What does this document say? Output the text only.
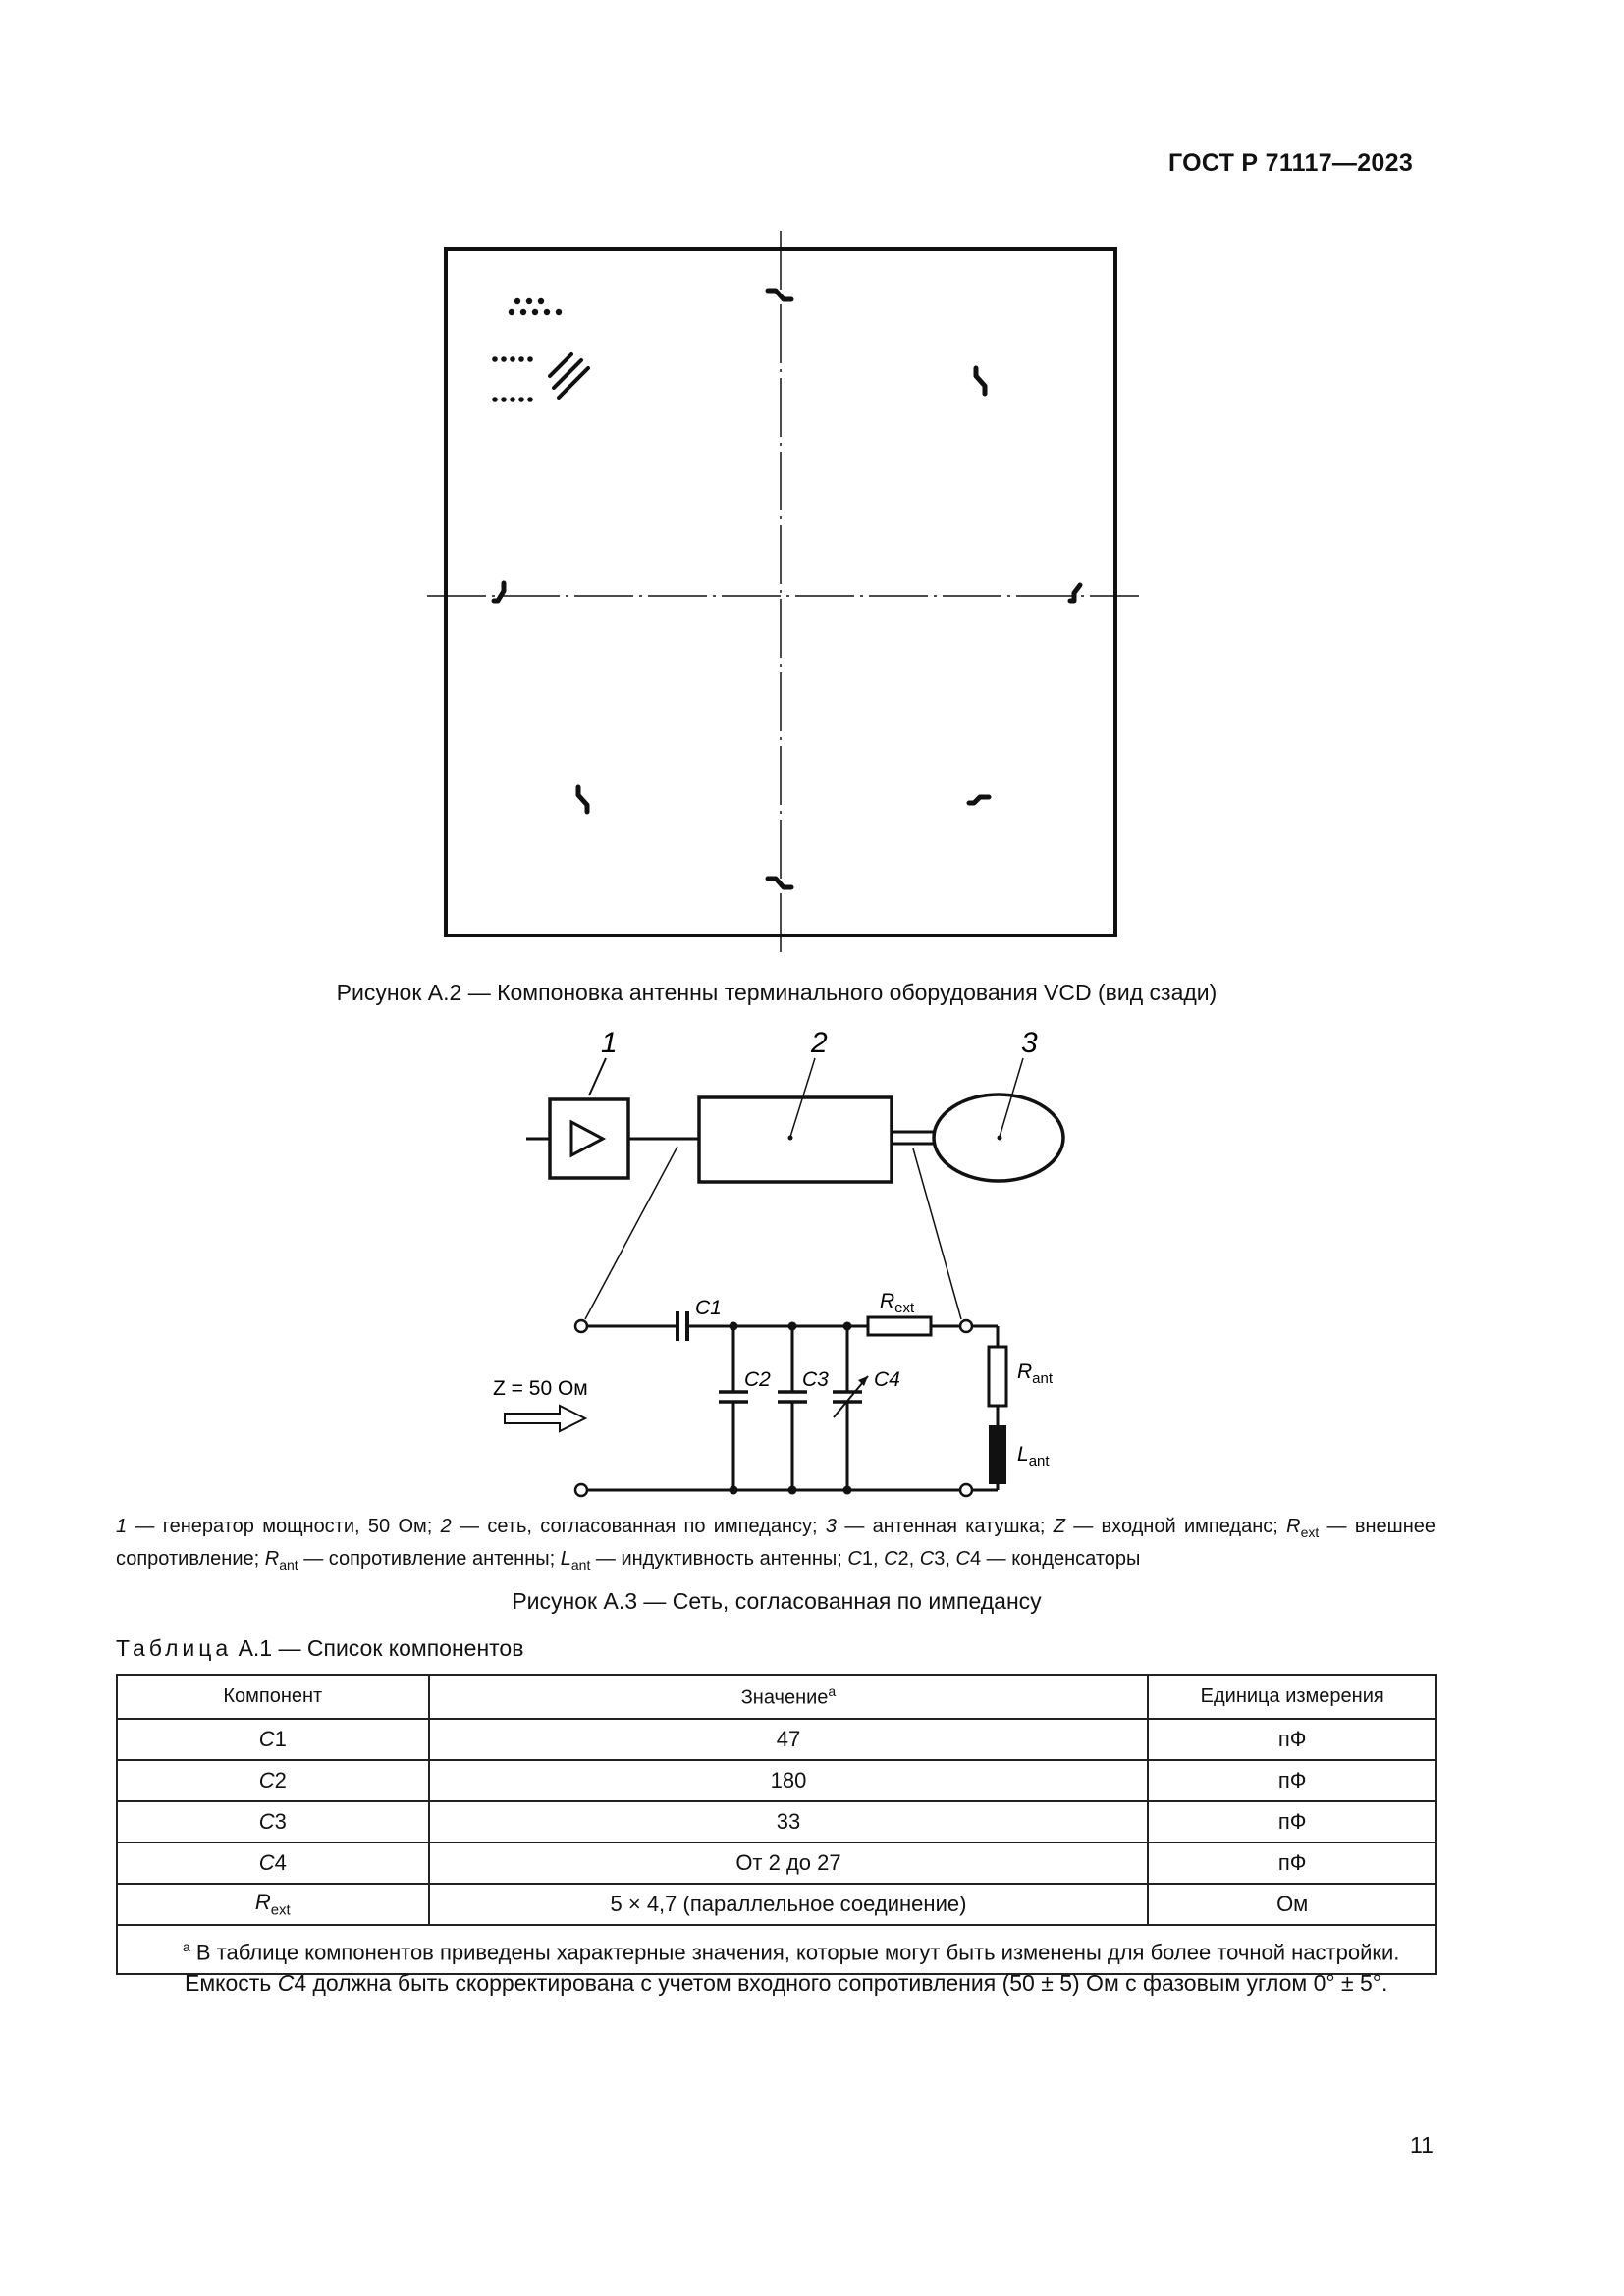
ГОСТ Р 71117—2023
Рисунок А.2 — Компоновка антенны терминального оборудования VCD (вид сзади)
1	2	3
C1
C2 C3 C4
$R_{ext}$
$R_{ant}$
$L_{ant}$
Z = 50 Ом
1 — генератор мощности, 50 Ом; 2 — сеть, согласованная по импедансу; 3 — антенная катушка; Z — входной импеданс; $R_{ext}$ — внешнее сопротивление; $R_{ant}$ — сопротивление антенны; $L_{ant}$ — индуктивность антенны; C1, C2, C3, C4 — конденсаторы
Рисунок А.3 — Сеть, согласованная по импедансу
Таблица А.1 — Список компонентов
Компонент	Значение$^a$	Единица измерения
C1	47	пФ
C2	180	пФ
C3	33	пФ
C4	От 2 до 27	пФ
$R_{ext}$	5 × 4,7 (параллельное соединение)	Ом
$^a$ В таблице компонентов приведены характерные значения, которые могут быть изменены для более точной настройки.		
Емкость C4 должна быть скорректирована с учетом входного сопротивления (50 ± 5) Ом с фазовым углом 0° ± 5°.
11
